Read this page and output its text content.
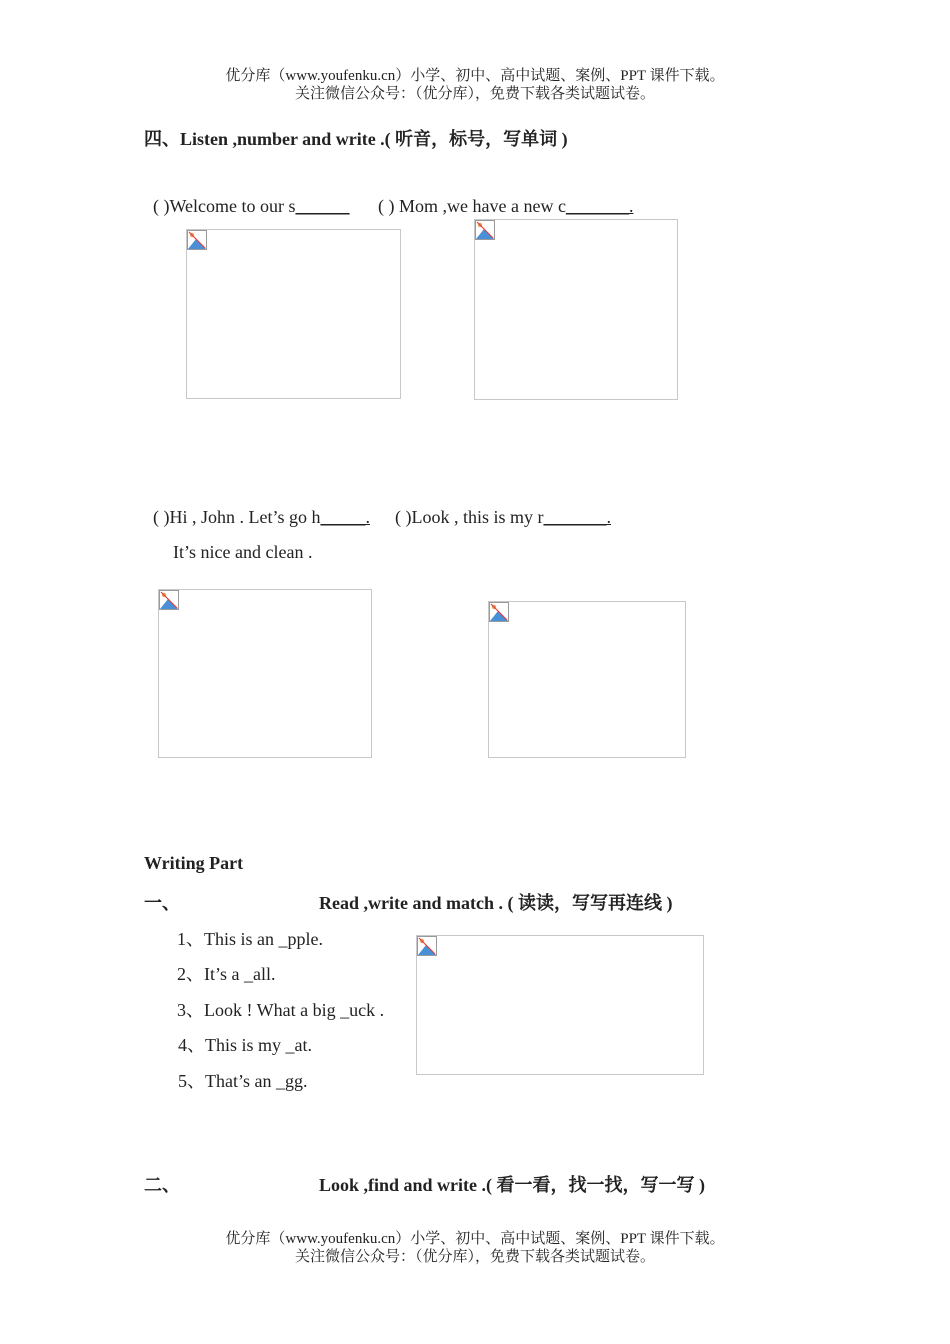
优分库（www.youfenku.cn）小学、初中、高中试题、案例、PPT 课件下载。
关注微信公众号：（优分库），免费下载各类试题试卷。
四、Listen ,number and write .( 听音，标号，写单词 )
( )Welcome to our s______ ( ) Mom ,we have a new c_______.
( )Hi , John . Let’s go h_____. ( )Look , this is my r_______.
It’s nice and clean .
Writing Part
一、	Read ,write and match . ( 读读，写写再连线 )
1、This is an _pple.
2、It’s a _all.
3、Look ! What a big _uck .
4、This is my _at.
5、That’s an _gg.
二、	Look ,find and write .( 看一看，找一找，写一写 )
优分库（www.youfenku.cn）小学、初中、高中试题、案例、PPT 课件下载。
关注微信公众号：（优分库），免费下载各类试题试卷。
